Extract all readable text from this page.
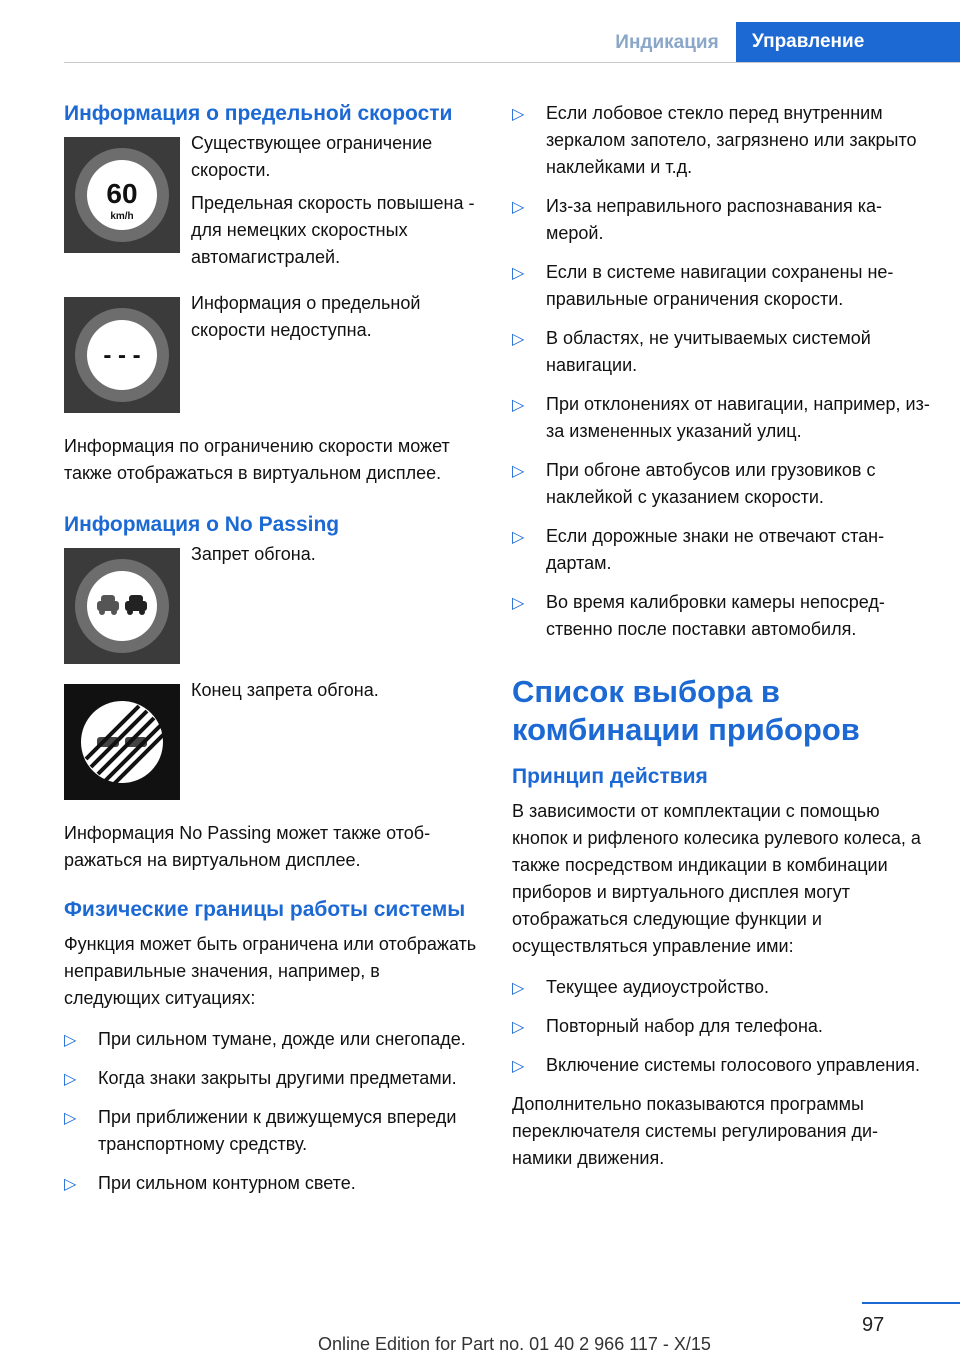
Индикация	Управление
Информация о предельной скорости
60
km/h
Существующее ограничение скорости.
Предельная скорость повышена - для немецких скоростных автомагистралей.
- - -
Информация о предельной скорости недоступна.

Информация по ограничению скорости может также отображаться в виртуальном дисплее.

Информация о No Passing
Запрет обгона.
Конец запрета обгона.

Информация No Passing может также отображаться на виртуальном дисплее.

Физические границы работы системы

Функция может быть ограничена или отображать неправильные значения, например, в следующих ситуациях:

▷ При сильном тумане, дожде или снегопаде.
▷ Когда знаки закрыты другими предметами.
▷ При приближении к движущемуся впереди транспортному средству.
▷ При сильном контурном свете.
▷ Если лобовое стекло перед внутренним зеркалом запотело, загрязнено или закрыто наклейками и т.д.
▷ Из-за неправильного распознавания камерой.
▷ Если в системе навигации сохранены неправильные ограничения скорости.
▷ В областях, не учитываемых системой навигации.
▷ При отклонениях от навигации, например, из-за измененных указаний улиц.
▷ При обгоне автобусов или грузовиков с наклейкой с указанием скорости.
▷ Если дорожные знаки не отвечают стандартам.
▷ Во время калибровки камеры непосредственно после поставки автомобиля.
Список выбора в комбинации приборов
Принцип действия

В зависимости от комплектации с помощью кнопок и рифленого колесика рулевого колеса, а также посредством индикации в комбинации приборов и виртуального дисплея могут отображаться следующие функции и осуществляться управление ими:

▷ Текущее аудиоустройство.
▷ Повторный набор для телефона.
▷ Включение системы голосового управления.

Дополнительно показываются программы переключателя системы регулирования динамики движения.

97
Online Edition for Part no. 01 40 2 966 117 - X/15
